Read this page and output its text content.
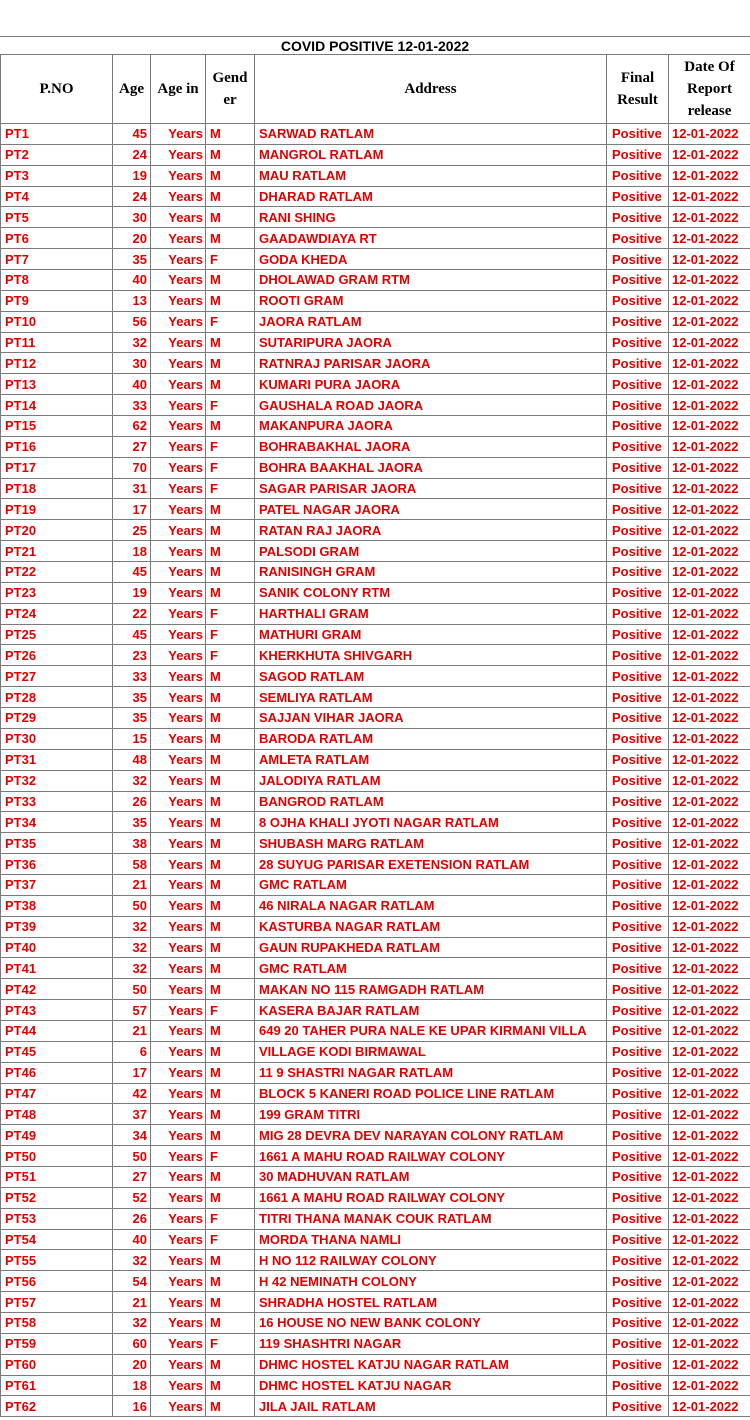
COVID POSITIVE 12-01-2022
P.NO	Age	Age in	Gend er	Address	Final Result	Date Of Report release
PT1	45	Years	M	SARWAD RATLAM	Positive	12-01-2022
PT2	24	Years	M	MANGROL RATLAM	Positive	12-01-2022
PT3	19	Years	M	MAU RATLAM	Positive	12-01-2022
PT4	24	Years	M	DHARAD RATLAM	Positive	12-01-2022
PT5	30	Years	M	RANI SHING	Positive	12-01-2022
PT6	20	Years	M	GAADAWDIAYA RT	Positive	12-01-2022
PT7	35	Years	F	GODA KHEDA	Positive	12-01-2022
PT8	40	Years	M	DHOLAWAD GRAM RTM	Positive	12-01-2022
PT9	13	Years	M	ROOTI GRAM	Positive	12-01-2022
PT10	56	Years	F	JAORA RATLAM	Positive	12-01-2022
PT11	32	Years	M	SUTARIPURA JAORA	Positive	12-01-2022
PT12	30	Years	M	RATNRAJ PARISAR JAORA	Positive	12-01-2022
PT13	40	Years	M	KUMARI PURA JAORA	Positive	12-01-2022
PT14	33	Years	F	GAUSHALA ROAD JAORA	Positive	12-01-2022
PT15	62	Years	M	MAKANPURA JAORA	Positive	12-01-2022
PT16	27	Years	F	BOHRABAKHAL JAORA	Positive	12-01-2022
PT17	70	Years	F	BOHRA BAAKHAL JAORA	Positive	12-01-2022
PT18	31	Years	F	SAGAR PARISAR JAORA	Positive	12-01-2022
PT19	17	Years	M	PATEL NAGAR JAORA	Positive	12-01-2022
PT20	25	Years	M	RATAN RAJ JAORA	Positive	12-01-2022
PT21	18	Years	M	PALSODI GRAM	Positive	12-01-2022
PT22	45	Years	M	RANISINGH GRAM	Positive	12-01-2022
PT23	19	Years	M	SANIK COLONY RTM	Positive	12-01-2022
PT24	22	Years	F	HARTHALI GRAM	Positive	12-01-2022
PT25	45	Years	F	MATHURI GRAM	Positive	12-01-2022
PT26	23	Years	F	KHERKHUTA SHIVGARH	Positive	12-01-2022
PT27	33	Years	M	SAGOD RATLAM	Positive	12-01-2022
PT28	35	Years	M	SEMLIYA RATLAM	Positive	12-01-2022
PT29	35	Years	M	SAJJAN VIHAR JAORA	Positive	12-01-2022
PT30	15	Years	M	BARODA RATLAM	Positive	12-01-2022
PT31	48	Years	M	AMLETA RATLAM	Positive	12-01-2022
PT32	32	Years	M	JALODIYA RATLAM	Positive	12-01-2022
PT33	26	Years	M	BANGROD RATLAM	Positive	12-01-2022
PT34	35	Years	M	8 OJHA KHALI JYOTI NAGAR RATLAM	Positive	12-01-2022
PT35	38	Years	M	SHUBASH MARG RATLAM	Positive	12-01-2022
PT36	58	Years	M	28 SUYUG PARISAR EXETENSION RATLAM	Positive	12-01-2022
PT37	21	Years	M	GMC RATLAM	Positive	12-01-2022
PT38	50	Years	M	46 NIRALA NAGAR RATLAM	Positive	12-01-2022
PT39	32	Years	M	KASTURBA NAGAR RATLAM	Positive	12-01-2022
PT40	32	Years	M	GAUN RUPAKHEDA RATLAM	Positive	12-01-2022
PT41	32	Years	M	GMC RATLAM	Positive	12-01-2022
PT42	50	Years	M	MAKAN NO 115 RAMGADH RATLAM	Positive	12-01-2022
PT43	57	Years	F	KASERA BAJAR RATLAM	Positive	12-01-2022
PT44	21	Years	M	649 20 TAHER PURA NALE KE UPAR KIRMANI VILLA	Positive	12-01-2022
PT45	6	Years	M	VILLAGE KODI BIRMAWAL	Positive	12-01-2022
PT46	17	Years	M	11 9 SHASTRI NAGAR RATLAM	Positive	12-01-2022
PT47	42	Years	M	BLOCK 5 KANERI ROAD POLICE LINE RATLAM	Positive	12-01-2022
PT48	37	Years	M	199 GRAM TITRI	Positive	12-01-2022
PT49	34	Years	M	MIG 28 DEVRA DEV NARAYAN COLONY RATLAM	Positive	12-01-2022
PT50	50	Years	F	1661 A MAHU ROAD RAILWAY COLONY	Positive	12-01-2022
PT51	27	Years	M	30 MADHUVAN RATLAM	Positive	12-01-2022
PT52	52	Years	M	1661 A MAHU ROAD RAILWAY COLONY	Positive	12-01-2022
PT53	26	Years	F	TITRI THANA MANAK COUK RATLAM	Positive	12-01-2022
PT54	40	Years	F	MORDA THANA NAMLI	Positive	12-01-2022
PT55	32	Years	M	H NO 112 RAILWAY COLONY	Positive	12-01-2022
PT56	54	Years	M	H 42 NEMINATH COLONY	Positive	12-01-2022
PT57	21	Years	M	SHRADHA HOSTEL RATLAM	Positive	12-01-2022
PT58	32	Years	M	16 HOUSE NO NEW BANK COLONY	Positive	12-01-2022
PT59	60	Years	F	119 SHASHTRI NAGAR	Positive	12-01-2022
PT60	20	Years	M	DHMC HOSTEL KATJU NAGAR RATLAM	Positive	12-01-2022
PT61	18	Years	M	DHMC HOSTEL KATJU NAGAR	Positive	12-01-2022
PT62	16	Years	M	JILA JAIL RATLAM	Positive	12-01-2022
